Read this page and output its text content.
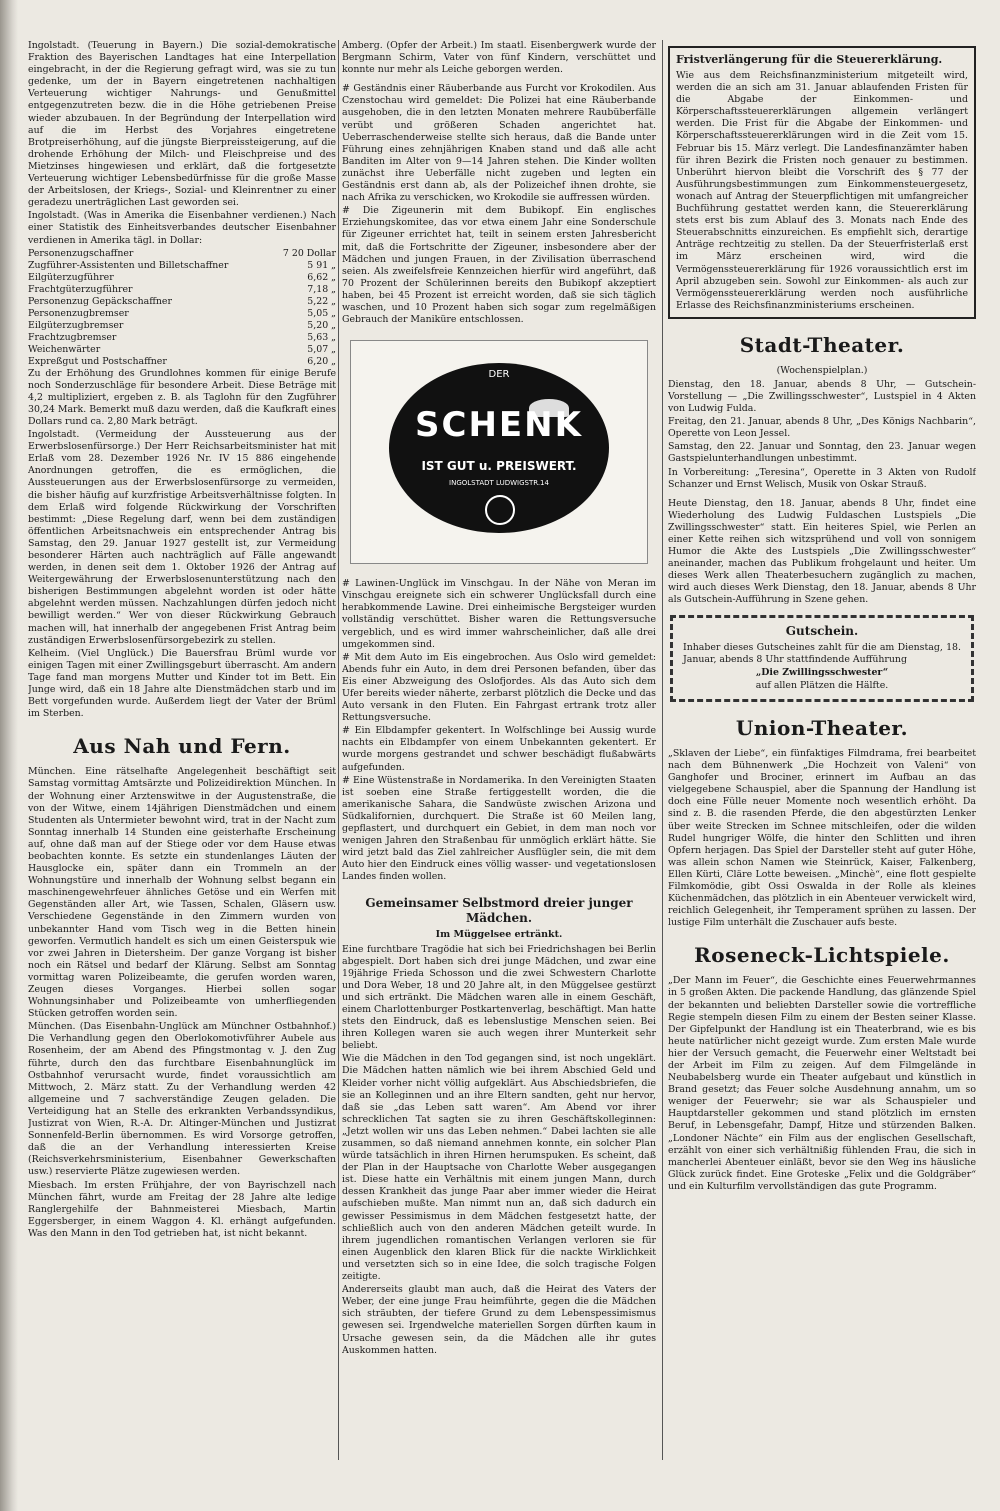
Ingolstadt. (Teuerung in Bayern.) Die sozial-demokratische Fraktion des Bayerischen Landtages hat eine Interpellation eingebracht, in der die Regierung gefragt wird, was sie zu tun gedenke, um der in Bayern eingetretenen nachhaltigen Verteuerung wichtiger Nahrungs- und Genußmittel entgegenzutreten bezw. die in die Höhe getriebenen Preise wieder abzubauen. In der Begründung der Interpellation wird auf die im Herbst des Vorjahres eingetretene Brotpreiserhöhung, auf die jüngste Bierpreissteigerung, auf die drohende Erhöhung der Milch- und Fleischpreise und des Mietzinses hingewiesen und erklärt, daß die fortgesetzte Verteuerung wichtiger Lebensbedürfnisse für die große Masse der Arbeitslosen, der Kriegs-, Sozial- und Kleinrentner zu einer geradezu unerträglichen Last geworden sei.

Ingolstadt. (Was in Amerika die Eisenbahner verdienen.) Nach einer Statistik des Einheitsverbandes deutscher Eisenbahner verdienen in Amerika tägl. in Dollar:

Personenzugschaffner	7 20 Dollar
Zugführer-Assistenten und Billetschaffner	5 91 „
Eilgüterzugführer	6,62 „
Frachtgüterzugführer	7,18 „
Personenzug Gepäckschaffner	5,22 „
Personenzugbremser	5,05 „
Eilgüterzugbremser	5,20 „
Frachtzugbremser	5,63 „
Weichenwärter	5,07 „
Expreßgut und Postschaffner	6,20 „

Zu der Erhöhung des Grundlohnes kommen für einige Berufe noch Sonderzuschläge für besondere Arbeit. Diese Beträge mit 4,2 multipliziert, ergeben z. B. als Taglohn für den Zugführer 30,24 Mark. Bemerkt muß dazu werden, daß die Kaufkraft eines Dollars rund ca. 2,80 Mark beträgt.

Ingolstadt. (Vermeidung der Aussteuerung aus der Erwerbslosenfürsorge.) Der Herr Reichsarbeitsminister hat mit Erlaß vom 28. Dezember 1926 Nr. IV 15 886 eingehende Anordnungen getroffen, die es ermöglichen, die Aussteuerungen aus der Erwerbslosenfürsorge zu vermeiden, die bisher häufig auf kurzfristige Arbeitsverhältnisse folgten. In dem Erlaß wird folgende Rückwirkung der Vorschriften bestimmt: „Diese Regelung darf, wenn bei dem zuständigen öffentlichen Arbeitsnachweis ein entsprechender Antrag bis Samstag, den 29. Januar 1927 gestellt ist, zur Vermeidung besonderer Härten auch nachträglich auf Fälle angewandt werden, in denen seit dem 1. Oktober 1926 der Antrag auf Weitergewährung der Erwerbslosenunterstützung nach den bisherigen Bestimmungen abgelehnt worden ist oder hätte abgelehnt werden müssen. Nachzahlungen dürfen jedoch nicht bewilligt werden.“ Wer von dieser Rückwirkung Gebrauch machen will, hat innerhalb der angegebenen Frist Antrag beim zuständigen Erwerbslosenfürsorgebezirk zu stellen.

Kelheim. (Viel Unglück.) Die Bauersfrau Brüml wurde vor einigen Tagen mit einer Zwillingsgeburt überrascht. Am andern Tage fand man morgens Mutter und Kinder tot im Bett. Ein Junge wird, daß ein 18 Jahre alte Dienstmädchen starb und im Bett vorgefunden wurde. Außerdem liegt der Vater der Brüml im Sterben.

Aus Nah und Fern.

München. Eine rätselhafte Angelegenheit beschäftigt seit Samstag vormittag Amtsärzte und Polizeidirektion München. In der Wohnung einer Arztenswitwe in der Augustenstraße, die von der Witwe, einem 14jährigen Dienstmädchen und einem Studenten als Untermieter bewohnt wird, trat in der Nacht zum Sonntag innerhalb 14 Stunden eine geisterhafte Erscheinung auf, ohne daß man auf der Stiege oder vor dem Hause etwas beobachten konnte. Es setzte ein stundenlanges Läuten der Hausglocke ein, später dann ein Trommeln an der Wohnungstüre und innerhalb der Wohnung selbst begann ein maschinengewehrfeuer ähnliches Getöse und ein Werfen mit Gegenständen aller Art, wie Tassen, Schalen, Gläsern usw. Verschiedene Gegenstände in den Zimmern wurden von unbekannter Hand vom Tisch weg in die Betten hinein geworfen. Vermutlich handelt es sich um einen Geisterspuk wie vor zwei Jahren in Dietersheim. Der ganze Vorgang ist bisher noch ein Rätsel und bedarf der Klärung. Selbst am Sonntag vormittag waren Polizeibeamte, die gerufen worden waren, Zeugen dieses Vorganges. Hierbei sollen sogar Wohnungsinhaber und Polizeibeamte von umherfliegenden Stücken getroffen worden sein.

München. (Das Eisenbahn-Unglück am Münchner Ostbahnhof.) Die Verhandlung gegen den Oberlokomotivführer Aubele aus Rosenheim, der am Abend des Pfingstmontag v. J. den Zug führte, durch den das furchtbare Eisenbahnunglück im Ostbahnhof verursacht wurde, findet voraussichtlich am Mittwoch, 2. März statt. Zu der Verhandlung werden 42 allgemeine und 7 sachverständige Zeugen geladen. Die Verteidigung hat an Stelle des erkrankten Verbandssyndikus, Justizrat von Wien, R.-A. Dr. Altinger-München und Justizrat Sonnenfeld-Berlin übernommen. Es wird Vorsorge getroffen, daß die an der Verhandlung interessierten Kreise (Reichsverkehrsministerium, Eisenbahner Gewerkschaften usw.) reservierte Plätze zugewiesen werden.

Miesbach. Im ersten Frühjahre, der von Bayrischzell nach München fährt, wurde am Freitag der 28 Jahre alte ledige Ranglergehilfe der Bahnmeisterei Miesbach, Martin Eggersberger, in einem Waggon 4. Kl. erhängt aufgefunden. Was den Mann in den Tod getrieben hat, ist nicht bekannt.

Amberg. (Opfer der Arbeit.) Im staatl. Eisenbergwerk wurde der Bergmann Schirm, Vater von fünf Kindern, verschüttet und konnte nur mehr als Leiche geborgen werden.

# Geständnis einer Räuberbande aus Furcht vor Krokodilen. Aus Czenstochau wird gemeldet: Die Polizei hat eine Räuberbande ausgehoben, die in den letzten Monaten mehrere Raubüberfälle verübt und größeren Schaden angerichtet hat. Ueberraschenderweise stellte sich heraus, daß die Bande unter Führung eines zehnjährigen Knaben stand und daß alle acht Banditen im Alter von 9—14 Jahren stehen. Die Kinder wollten zunächst ihre Ueberfälle nicht zugeben und legten ein Geständnis erst dann ab, als der Polizeichef ihnen drohte, sie nach Afrika zu verschicken, wo Krokodile sie auffressen würden.

# Die Zigeunerin mit dem Bubikopf. Ein englisches Erziehungskomitee, das vor etwa einem Jahr eine Sonderschule für Zigeuner errichtet hat, teilt in seinem ersten Jahresbericht mit, daß die Fortschritte der Zigeuner, insbesondere aber der Mädchen und jungen Frauen, in der Zivilisation überraschend seien. Als zweifelsfreie Kennzeichen hierfür wird angeführt, daß 70 Prozent der Schülerinnen bereits den Bubikopf akzeptiert haben, bei 45 Prozent ist erreicht worden, daß sie sich täglich waschen, und 10 Prozent haben sich sogar zum regelmäßigen Gebrauch der Maniküre entschlossen.

DER
SCHENK
IST GUT u. PREISWERT.
INGOLSTADT LUDWIGSTR.14

# Lawinen-Unglück im Vinschgau. In der Nähe von Meran im Vinschgau ereignete sich ein schwerer Unglücksfall durch eine herabkommende Lawine. Drei einheimische Bergsteiger wurden vollständig verschüttet. Bisher waren die Rettungsversuche vergeblich, und es wird immer wahrscheinlicher, daß alle drei umgekommen sind.

# Mit dem Auto im Eis eingebrochen. Aus Oslo wird gemeldet: Abends fuhr ein Auto, in dem drei Personen befanden, über das Eis einer Abzweigung des Oslofjordes. Als das Auto sich dem Ufer bereits wieder näherte, zerbarst plötzlich die Decke und das Auto versank in den Fluten. Ein Fahrgast ertrank trotz aller Rettungsversuche.

# Ein Elbdampfer gekentert. In Wolfschlinge bei Aussig wurde nachts ein Elbdampfer von einem Unbekannten gekentert. Er wurde morgens gestrandet und schwer beschädigt flußabwärts aufgefunden.

# Eine Wüstenstraße in Nordamerika. In den Vereinigten Staaten ist soeben eine Straße fertiggestellt worden, die die amerikanische Sahara, die Sandwüste zwischen Arizona und Südkalifornien, durchquert. Die Straße ist 60 Meilen lang, gepflastert, und durchquert ein Gebiet, in dem man noch vor wenigen Jahren den Straßenbau für unmöglich erklärt hätte. Sie wird jetzt bald das Ziel zahlreicher Ausflügler sein, die mit dem Auto hier den Eindruck eines völlig wasser- und vegetationslosen Landes finden wollen.

Gemeinsamer Selbstmord dreier junger Mädchen.
Im Müggelsee ertränkt.

Eine furchtbare Tragödie hat sich bei Friedrichshagen bei Berlin abgespielt. Dort haben sich drei junge Mädchen, und zwar eine 19jährige Frieda Schosson und die zwei Schwestern Charlotte und Dora Weber, 18 und 20 Jahre alt, in den Müggelsee gestürzt und sich ertränkt. Die Mädchen waren alle in einem Geschäft, einem Charlottenburger Postkartenverlag, beschäftigt. Man hatte stets den Eindruck, daß es lebenslustige Menschen seien. Bei ihren Kollegen waren sie auch wegen ihrer Munterkeit sehr beliebt.

Wie die Mädchen in den Tod gegangen sind, ist noch ungeklärt. Die Mädchen hatten nämlich wie bei ihrem Abschied Geld und Kleider vorher nicht völlig aufgeklärt. Aus Abschiedsbriefen, die sie an Kolleginnen und an ihre Eltern sandten, geht nur hervor, daß sie „das Leben satt waren“. Am Abend vor ihrer schrecklichen Tat sagten sie zu ihren Geschäftskolleginnen: „Jetzt wollen wir uns das Leben nehmen.“ Dabei lachten sie alle zusammen, so daß niemand annehmen konnte, ein solcher Plan würde tatsächlich in ihren Hirnen herumspuken. Es scheint, daß der Plan in der Hauptsache von Charlotte Weber ausgegangen ist. Diese hatte ein Verhältnis mit einem jungen Mann, durch dessen Krankheit das junge Paar aber immer wieder die Heirat aufschieben mußte. Man nimmt nun an, daß sich dadurch ein gewisser Pessimismus in dem Mädchen festgesetzt hatte, der schließlich auch von den anderen Mädchen geteilt wurde. In ihrem jugendlichen romantischen Verlangen verloren sie für einen Augenblick den klaren Blick für die nackte Wirklichkeit und versetzten sich so in eine Idee, die solch tragische Folgen zeitigte.

Andererseits glaubt man auch, daß die Heirat des Vaters der Weber, der eine junge Frau heimführte, gegen die die Mädchen sich sträubten, der tiefere Grund zu dem Lebenspessimismus gewesen sei. Irgendwelche materiellen Sorgen dürften kaum in Ursache gewesen sein, da die Mädchen alle ihr gutes Auskommen hatten.

Fristverlängerung für die Steuererklärung.

Wie aus dem Reichsfinanzministerium mitgeteilt wird, werden die an sich am 31. Januar ablaufenden Fristen für die Abgabe der Einkommen- und Körperschaftssteuererklärungen allgemein verlängert werden. Die Frist für die Abgabe der Einkommen- und Körperschaftssteuererklärungen wird in die Zeit vom 15. Februar bis 15. März verlegt. Die Landesfinanzämter haben für ihren Bezirk die Fristen noch genauer zu bestimmen. Unberührt hiervon bleibt die Vorschrift des § 77 der Ausführungsbestimmungen zum Einkommensteuergesetz, wonach auf Antrag der Steuerpflichtigen mit umfangreicher Buchführung gestattet werden kann, die Steuererklärung stets erst bis zum Ablauf des 3. Monats nach Ende des Steuerabschnitts einzureichen. Es empfiehlt sich, derartige Anträge rechtzeitig zu stellen. Da der Steuerfristerlaß erst im März erscheinen wird, wird die Vermögenssteuererklärung für 1926 voraussichtlich erst im April abzugeben sein. Sowohl zur Einkommen- als auch zur Vermögenssteuererklärung werden noch ausführliche Erlasse des Reichsfinanzministeriums erscheinen.

Stadt-Theater.
(Wochenspielplan.)

Dienstag, den 18. Januar, abends 8 Uhr, — Gutschein-Vorstellung — „Die Zwillingsschwester“, Lustspiel in 4 Akten von Ludwig Fulda.

Freitag, den 21. Januar, abends 8 Uhr, „Des Königs Nachbarin“, Operette von Leon Jessel.

Samstag, den 22. Januar und Sonntag, den 23. Januar wegen Gastspielunterhandlungen unbestimmt.

In Vorbereitung: „Teresina“, Operette in 3 Akten von Rudolf Schanzer und Ernst Welisch, Musik von Oskar Strauß.

Heute Dienstag, den 18. Januar, abends 8 Uhr, findet eine Wiederholung des Ludwig Fuldaschen Lustspiels „Die Zwillingsschwester“ statt. Ein heiteres Spiel, wie Perlen an einer Kette reihen sich witzsprühend und voll von sonnigem Humor die Akte des Lustspiels „Die Zwillingsschwester“ aneinander, machen das Publikum frohgelaunt und heiter. Um dieses Werk allen Theaterbesuchern zugänglich zu machen, wird auch dieses Werk Dienstag, den 18. Januar, abends 8 Uhr als Gutschein-Aufführung in Szene gehen.

Gutschein.

Inhaber dieses Gutscheines zahlt für die am Dienstag, 18. Januar, abends 8 Uhr stattfindende Aufführung

„Die Zwillingsschwester“

auf allen Plätzen die Hälfte.

Union-Theater.

„Sklaven der Liebe“, ein fünfaktiges Filmdrama, frei bearbeitet nach dem Bühnenwerk „Die Hochzeit von Valeni“ von Ganghofer und Brociner, erinnert im Aufbau an das vielgegebene Schauspiel, aber die Spannung der Handlung ist doch eine Fülle neuer Momente noch wesentlich erhöht. Da sind z. B. die rasenden Pferde, die den abgestürzten Lenker über weite Strecken im Schnee mitschleifen, oder die wilden Rudel hungriger Wölfe, die hinter den Schlitten und ihren Opfern herjagen. Das Spiel der Darsteller steht auf guter Höhe, was allein schon Namen wie Steinrück, Kaiser, Falkenberg, Ellen Kürti, Cläre Lotte beweisen. „Minchè“, eine flott gespielte Filmkomödie, gibt Ossi Oswalda in der Rolle als kleines Küchenmädchen, das plötzlich in ein Abenteuer verwickelt wird, reichlich Gelegenheit, ihr Temperament sprühen zu lassen. Der lustige Film unterhält die Zuschauer aufs beste.

Roseneck-Lichtspiele.

„Der Mann im Feuer“, die Geschichte eines Feuerwehrmannes in 5 großen Akten. Die packende Handlung, das glänzende Spiel der bekannten und beliebten Darsteller sowie die vortreffliche Regie stempeln diesen Film zu einem der Besten seiner Klasse. Der Gipfelpunkt der Handlung ist ein Theaterbrand, wie es bis heute natürlicher nicht gezeigt wurde. Zum ersten Male wurde hier der Versuch gemacht, die Feuerwehr einer Weltstadt bei der Arbeit im Film zu zeigen. Auf dem Filmgelände in Neubabelsberg wurde ein Theater aufgebaut und künstlich in Brand gesetzt; das Feuer solche Ausdehnung annahm, um so weniger der Feuerwehr; sie war als Schauspieler und Hauptdarsteller gekommen und stand plötzlich im ernsten Beruf, in Lebensgefahr, Dampf, Hitze und stürzenden Balken. „Londoner Nächte“ ein Film aus der englischen Gesellschaft, erzählt von einer sich verhältnißig fühlenden Frau, die sich in mancherlei Abenteuer einläßt, bevor sie den Weg ins häusliche Glück zurück findet. Eine Groteske „Felix und die Goldgräber“ und ein Kulturfilm vervollständigen das gute Programm.
